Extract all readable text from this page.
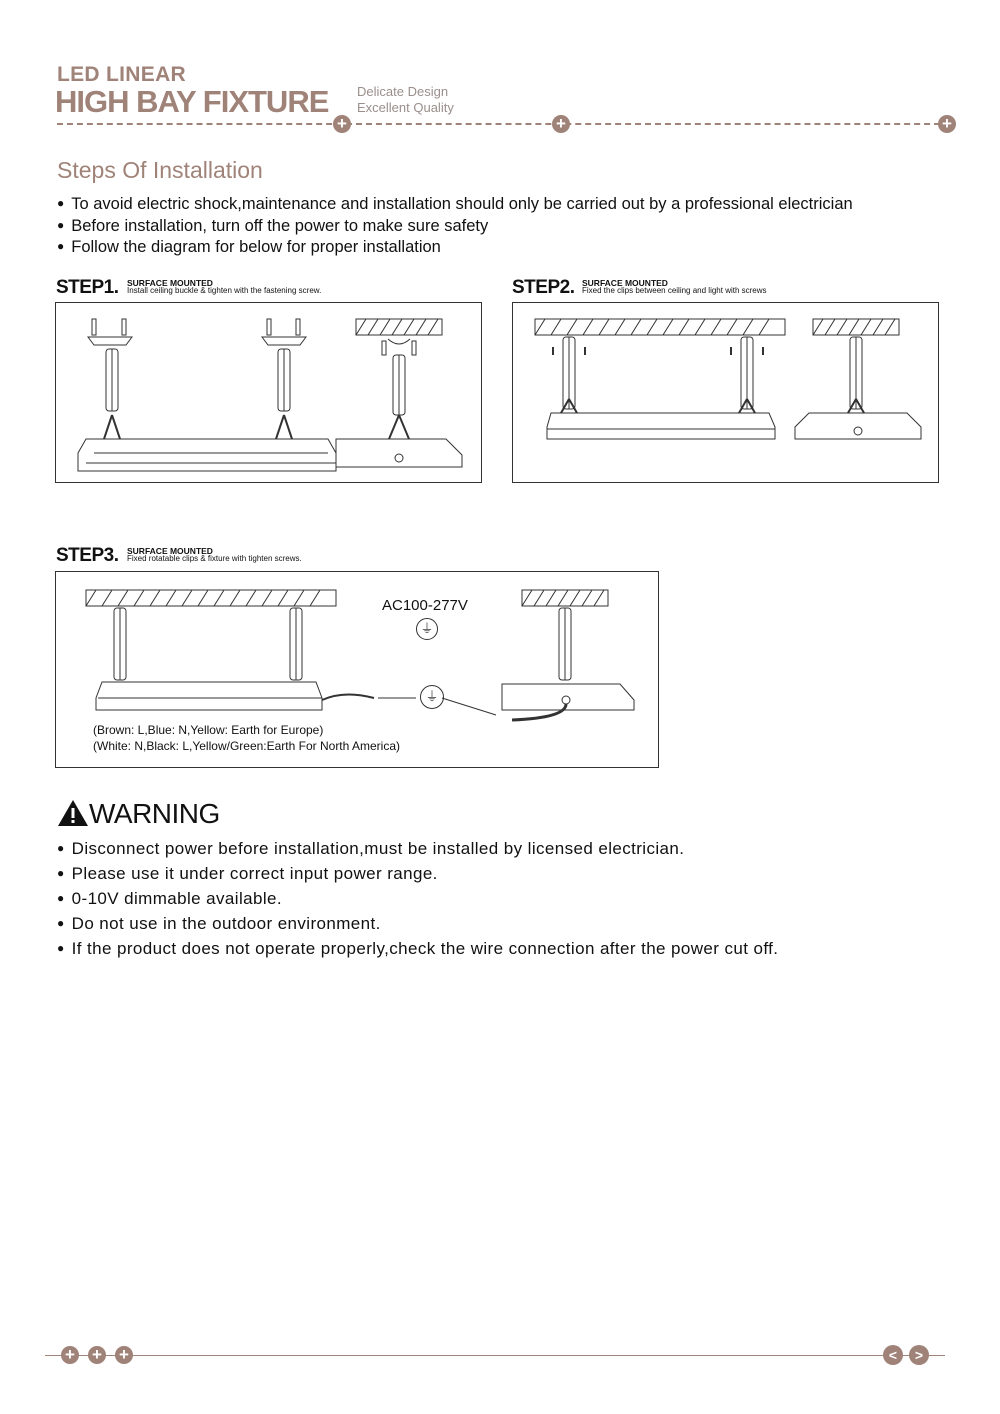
LED LINEAR
HIGH BAY FIXTURE Delicate Design
Excellent Quality
+	+	+
Steps Of Installation
● To avoid electric shock,maintenance and installation should only be carried out by a professional electrician
● Before installation, turn off the power to make sure safety
● Follow the diagram for below for proper installation
STEP1. SURFACE MOUNTED
Install ceiling buckle & tighten with the fastening screw.	STEP2. SURFACE MOUNTED
Fixed the clips between ceiling and light with screws
STEP3. SURFACE MOUNTED
Fixed rotatable clips & fixture with tighten screws.
AC100-277V
⏚
⏚
(Brown: L,Blue: N,Yellow: Earth for Europe)
(White: N,Black: L,Yellow/Green:Earth For North America)
WARNING
● Disconnect power before installation,must be installed by licensed electrician.
● Please use it under correct input power range.
● 0-10V dimmable available.
● Do not use in the outdoor environment.
● If the product does not operate properly,check the wire connection after the power cut off.
+ + +	<	>
